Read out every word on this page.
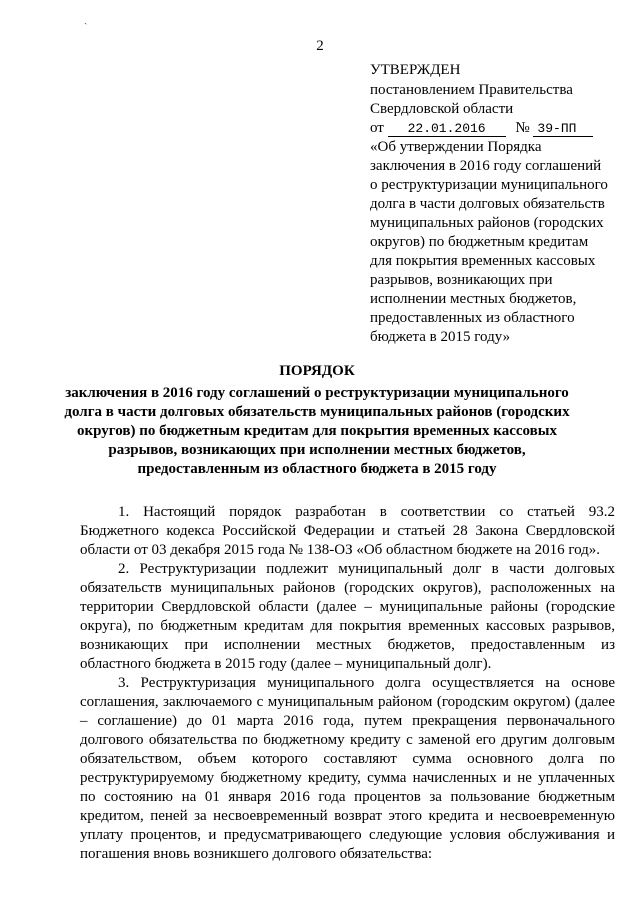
ˎ
2
УТВЕРЖДЕН
постановлением Правительства
Свердловской области
от 22.01.2016 № 39-ПП
«Об утверждении Порядка
заключения в 2016 году соглашений
о реструктуризации муниципального
долга в части долговых обязательств
муниципальных районов (городских
округов) по бюджетным кредитам
для покрытия временных кассовых
разрывов, возникающих при
исполнении местных бюджетов,
предоставленных из областного
бюджета в 2015 году»
ПОРЯДОК
заключения в 2016 году соглашений о реструктуризации муниципального долга в части долговых обязательств муниципальных районов (городских округов) по бюджетным кредитам для покрытия временных кассовых разрывов, возникающих при исполнении местных бюджетов, предоставленным из областного бюджета в 2015 году

1. Настоящий порядок разработан в соответствии со статьей 93.2 Бюджетного кодекса Российской Федерации и статьей 28 Закона Свердловской области от 03 декабря 2015 года № 138-ОЗ «Об областном бюджете на 2016 год».

2. Реструктуризации подлежит муниципальный долг в части долговых обязательств муниципальных районов (городских округов), расположенных на территории Свердловской области (далее – муниципальные районы (городские округа), по бюджетным кредитам для покрытия временных кассовых разрывов, возникающих при исполнении местных бюджетов, предоставленным из областного бюджета в 2015 году (далее – муниципальный долг).

3. Реструктуризация муниципального долга осуществляется на основе соглашения, заключаемого с муниципальным районом (городским округом) (далее – соглашение) до 01 марта 2016 года, путем прекращения первоначального долгового обязательства по бюджетному кредиту с заменой его другим долговым обязательством, объем которого составляют сумма основного долга по реструктурируемому бюджетному кредиту, сумма начисленных и не уплаченных по состоянию на 01 января 2016 года процентов за пользование бюджетным кредитом, пеней за несвоевременный возврат этого кредита и несвоевременную уплату процентов, и предусматривающего следующие условия обслуживания и погашения вновь возникшего долгового обязательства:
